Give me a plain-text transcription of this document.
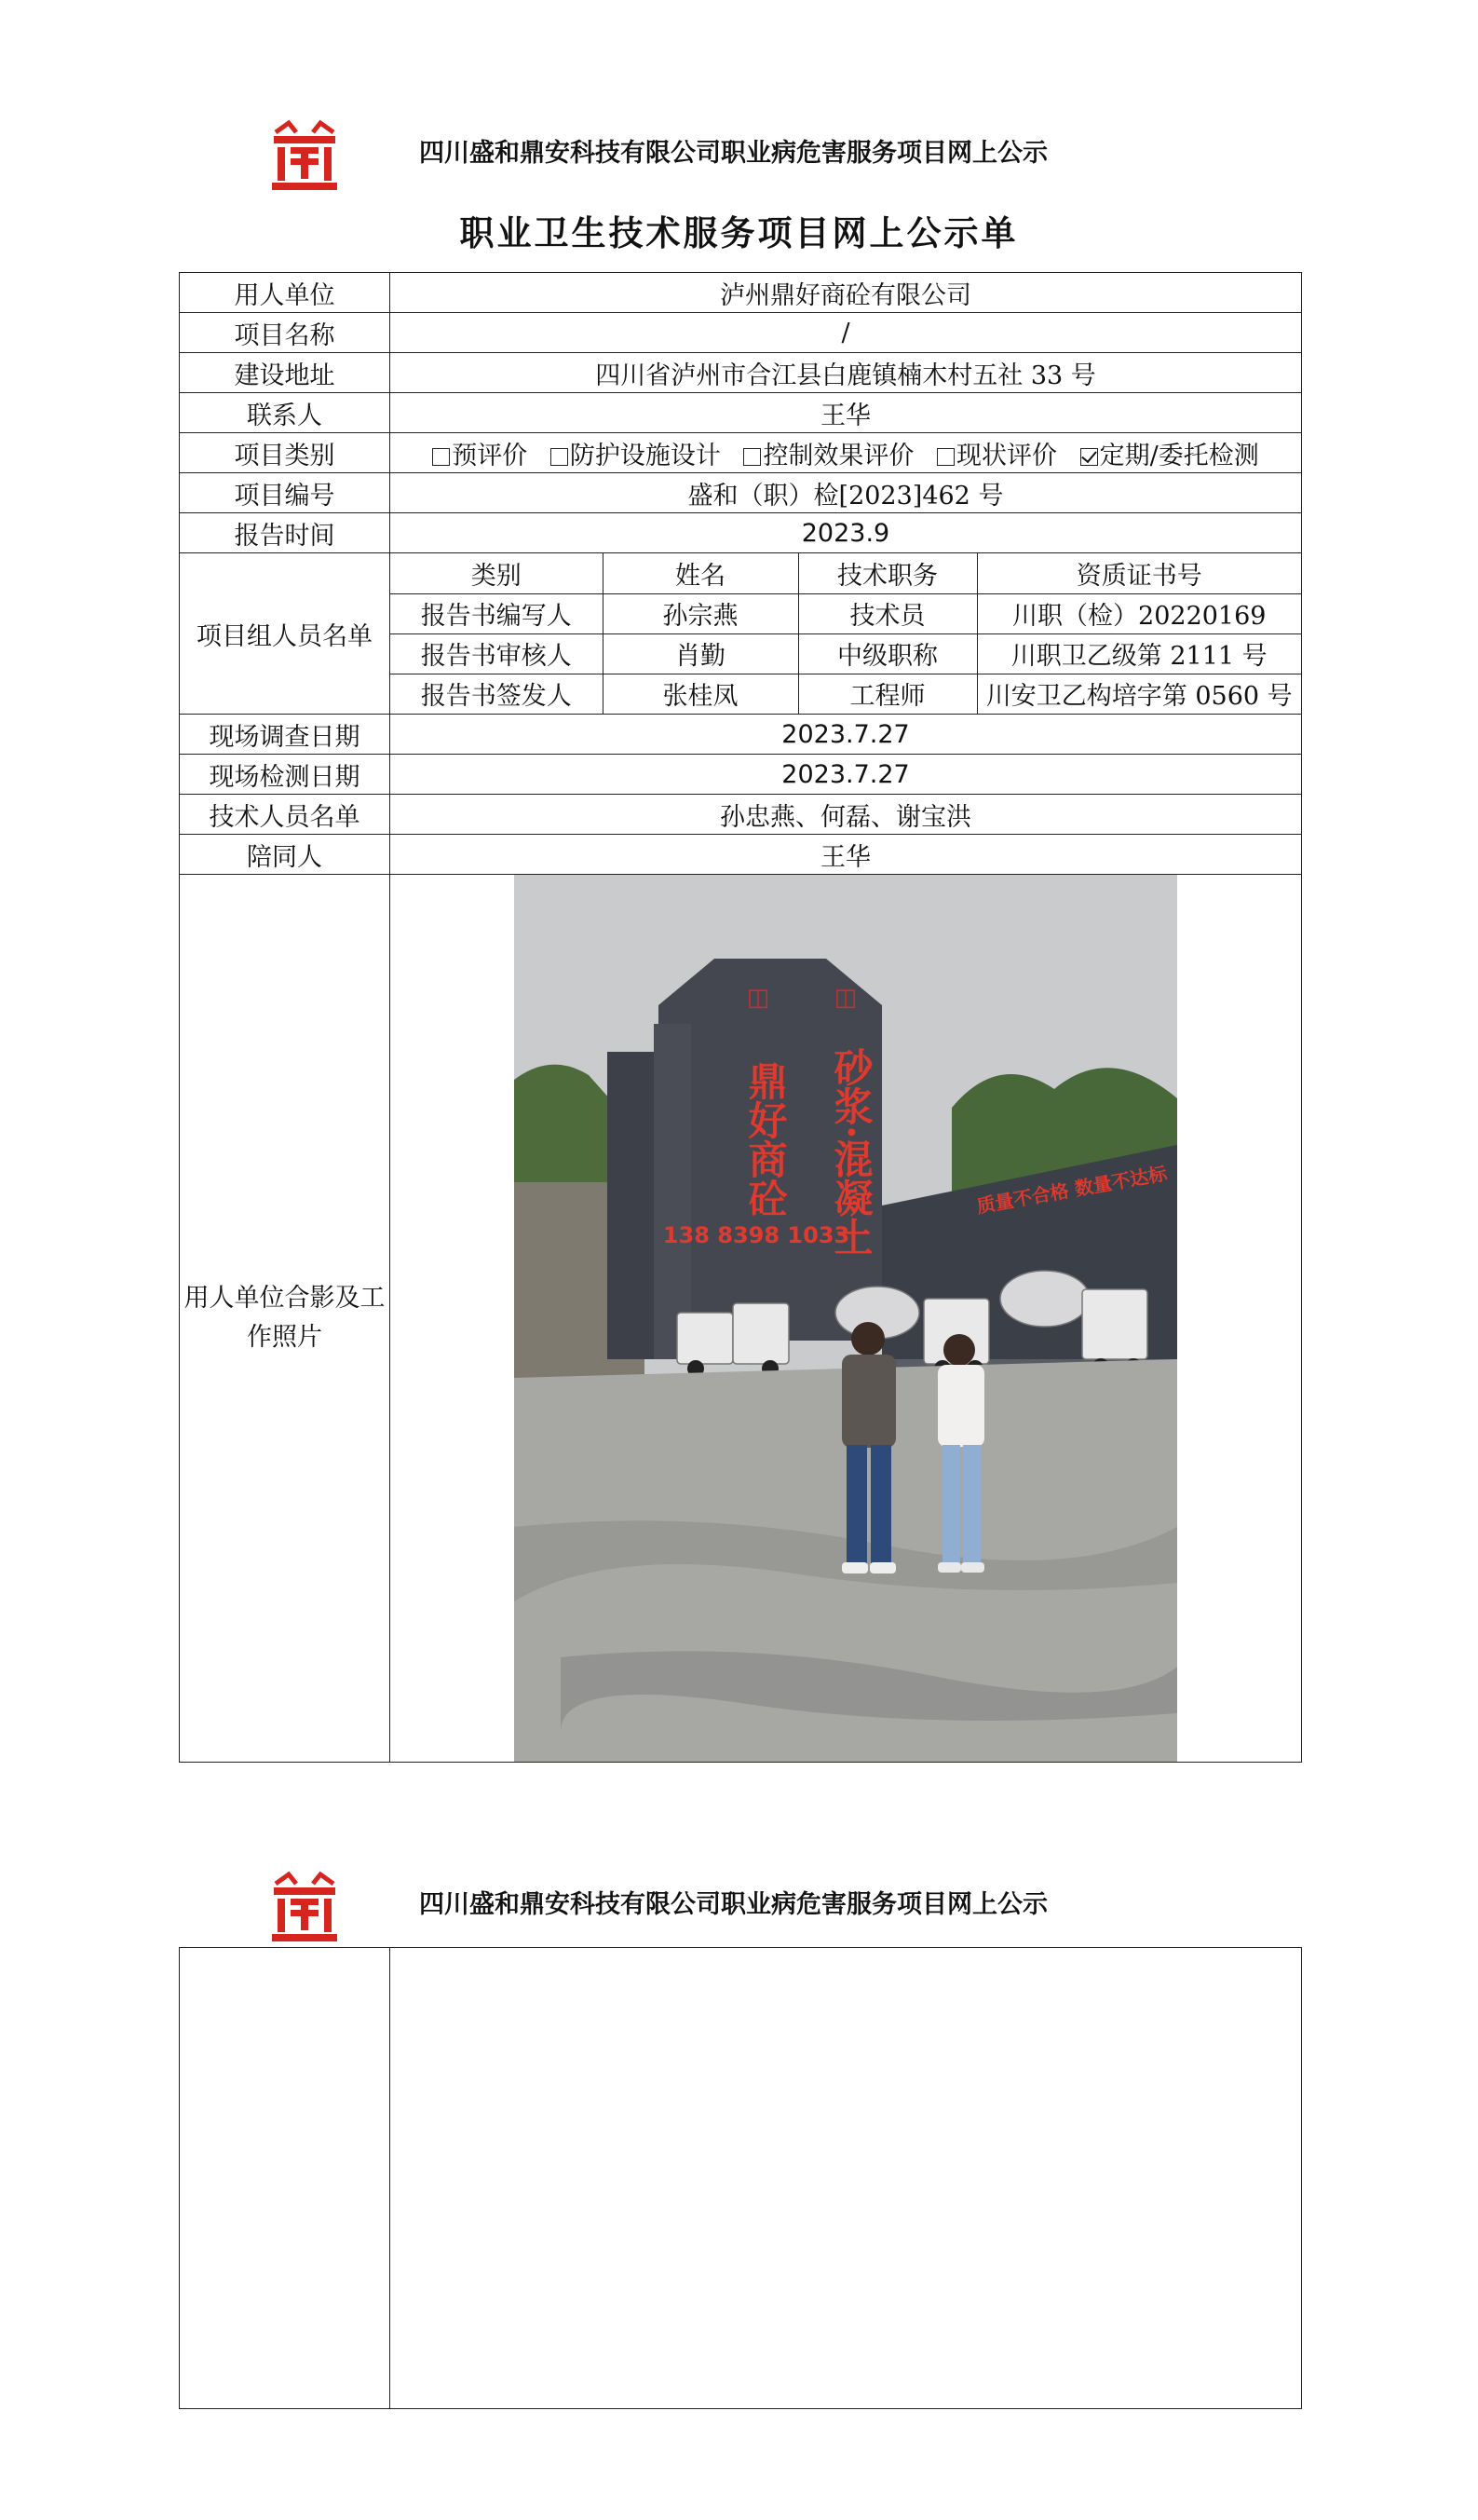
四川盛和鼎安科技有限公司职业病危害服务项目网上公示
职业卫生技术服务项目网上公示单
用人单位	泸州鼎好商砼有限公司
项目名称	/
建设地址	四川省泸州市合江县白鹿镇楠木村五社 33 号
联系人	王华
项目类别	预评价 防护设施设计 控制效果评价 现状评价 定期/委托检测
项目编号	盛和（职）检[2023]462 号
报告时间	2023.9
项目组人员名单	
类别	姓名	技术职务	资质证书号
报告书编写人	孙宗燕	技术员	川职（检）20220169
报告书审核人	肖勤	中级职称	川职卫乙级第 2111 号
报告书签发人	张桂凤	工程师	川安卫乙构培字第 0560 号

现场调查日期	2023.7.27
现场检测日期	2023.7.27
技术人员名单	孙忠燕、何磊、谢宝洪
陪同人	王华
用人单位合影及工作照片	
◫	◫
鼎好商砼 砂浆·混凝土
138 8398 1033
质量不合格 数量不达标
四川盛和鼎安科技有限公司职业病危害服务项目网上公示
